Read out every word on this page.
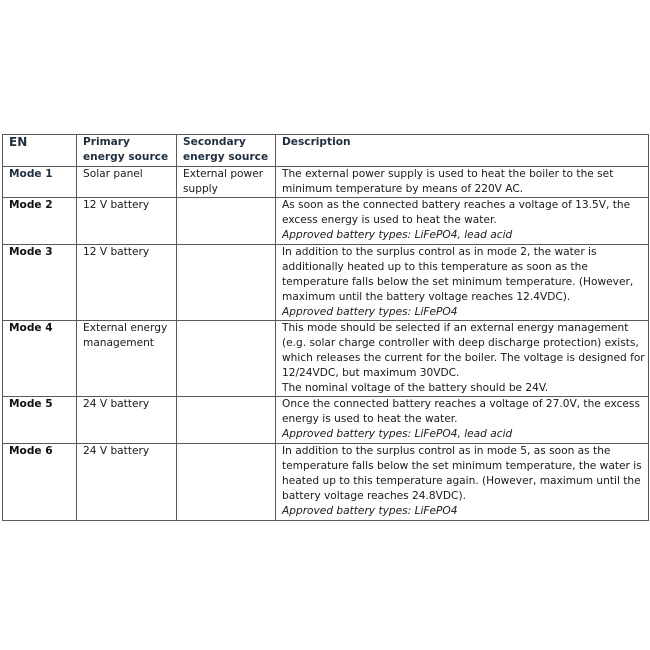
EN	Primary energy source	Secondary energy source	Description
Mode 1	Solar panel	External power supply	The external power supply is used to heat the boiler to the set minimum temperature by means of 220V AC.

Mode 2	12 V battery		As soon as the connected battery reaches a voltage of 13.5V, the excess energy is used to heat the water.
Approved battery types: LiFePO4, lead acid

Mode 3	12 V battery		In addition to the surplus control as in mode 2, the water is additionally heated up to this temperature as soon as the temperature falls below the set minimum temperature. (However, maximum until the battery voltage reaches 12.4VDC).
Approved battery types: LiFePO4

Mode 4	External energy management		This mode should be selected if an external energy management (e.g. solar charge controller with deep discharge protection) exists, which releases the current for the boiler. The voltage is designed for 12/24VDC, but maximum 30VDC.
The nominal voltage of the battery should be 24V.

Mode 5	24 V battery		Once the connected battery reaches a voltage of 27.0V, the excess energy is used to heat the water.
Approved battery types: LiFePO4, lead acid

Mode 6	24 V battery		In addition to the surplus control as in mode 5, as soon as the temperature falls below the set minimum temperature, the water is heated up to this temperature again. (However, maximum until the battery voltage reaches 24.8VDC).
Approved battery types: LiFePO4
